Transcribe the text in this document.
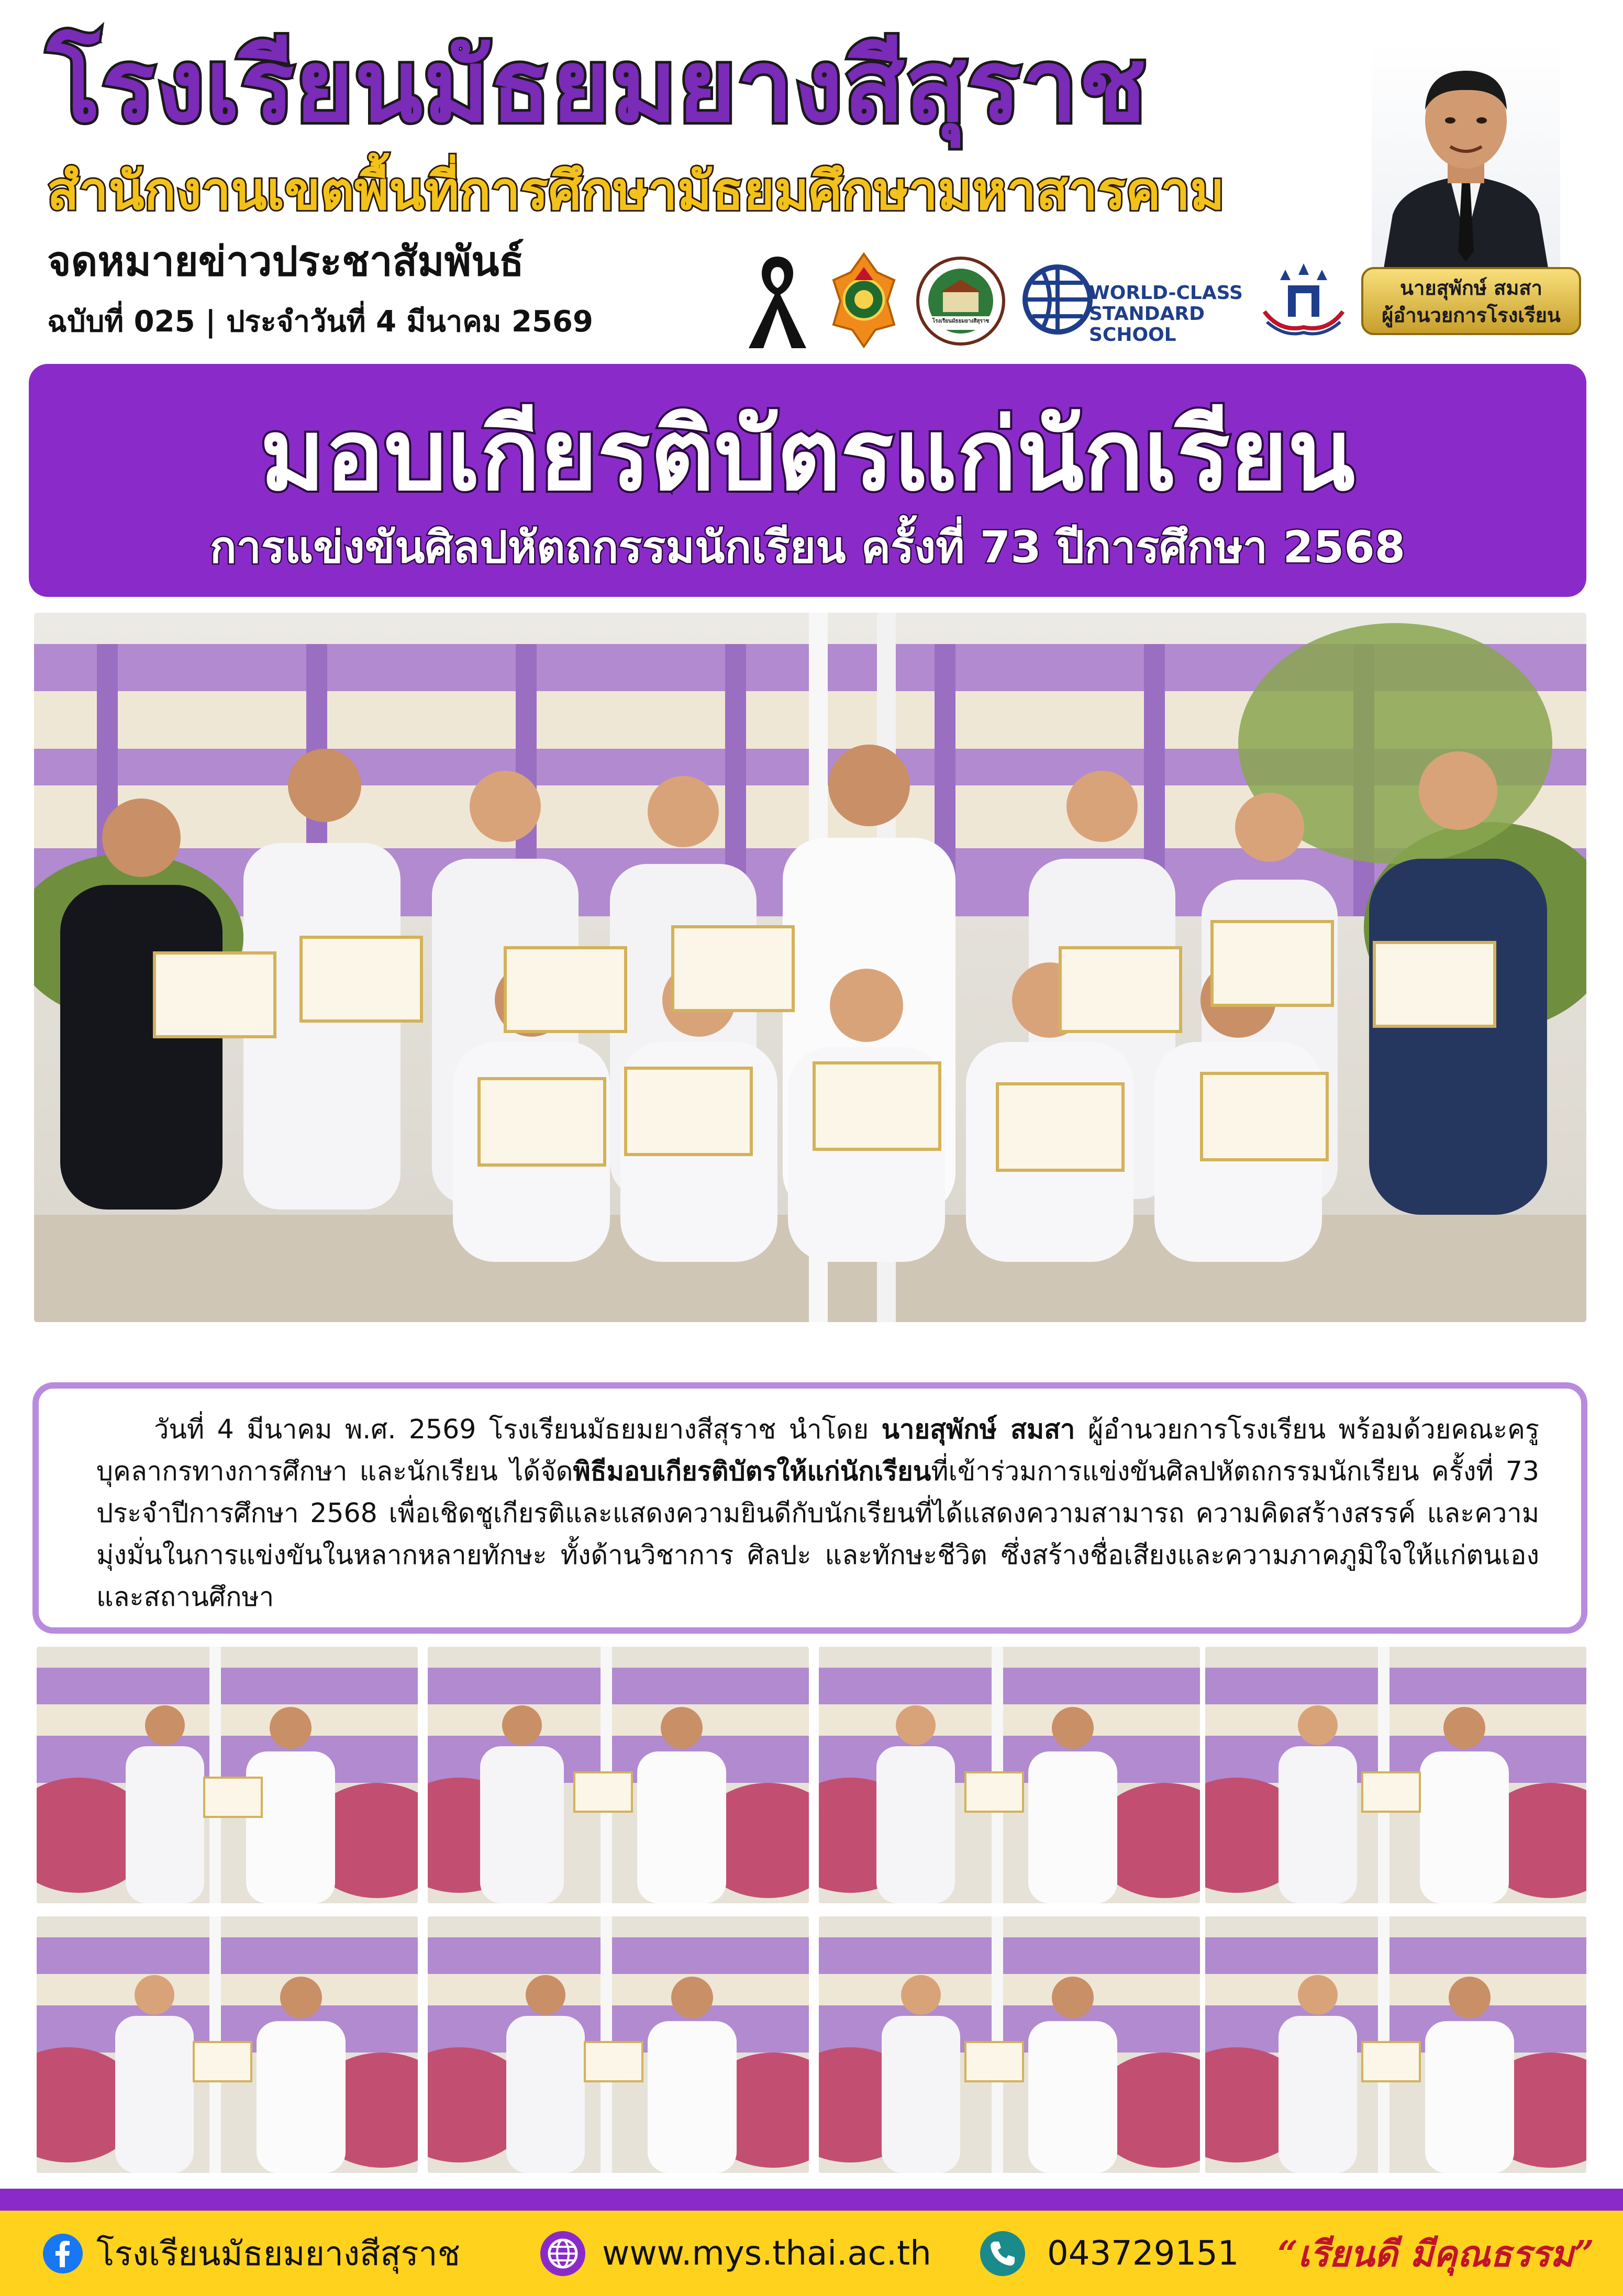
โรงเรียนมัธยมยางสีสุราช
สำนักงานเขตพื้นที่การศึกษามัธยมศึกษามหาสารคาม
จดหมายข่าวประชาสัมพันธ์
ฉบับที่ 025 | ประจำวันที่ 4 มีนาคม 2569	โรงเรียนมัธยมยางสีสุราช
WORLD-CLASS STANDARD SCHOOL
นายสุพักษ์ สมสา
ผู้อำนวยการโรงเรียน
มอบเกียรติบัตรแก่นักเรียน
การแข่งขันศิลปหัตถกรรมนักเรียน ครั้งที่ 73 ปีการศึกษา 2568

วันที่ 4 มีนาคม พ.ศ. 2569 โรงเรียนมัธยมยางสีสุราช นำโดย นายสุพักษ์ สมสา ผู้อำนวยการโรงเรียน พร้อมด้วยคณะครู บุคลากรทางการศึกษา และนักเรียน ได้จัดพิธีมอบเกียรติบัตรให้แก่นักเรียนที่เข้าร่วมการแข่งขันศิลปหัตถกรรมนักเรียน ครั้งที่ 73 ประจำปีการศึกษา 2568 เพื่อเชิดชูเกียรติและแสดงความยินดีกับนักเรียนที่ได้แสดงความสามารถ ความคิดสร้างสรรค์ และความมุ่งมั่นในการแข่งขันในหลากหลายทักษะ ทั้งด้านวิชาการ ศิลปะ และทักษะชีวิต ซึ่งสร้างชื่อเสียงและความภาคภูมิใจให้แก่ตนเองและสถานศึกษา

โรงเรียนมัธยมยางสีสุราช	www.mys.thai.ac.th	043729151 “เรียนดี มีคุณธรรม”
